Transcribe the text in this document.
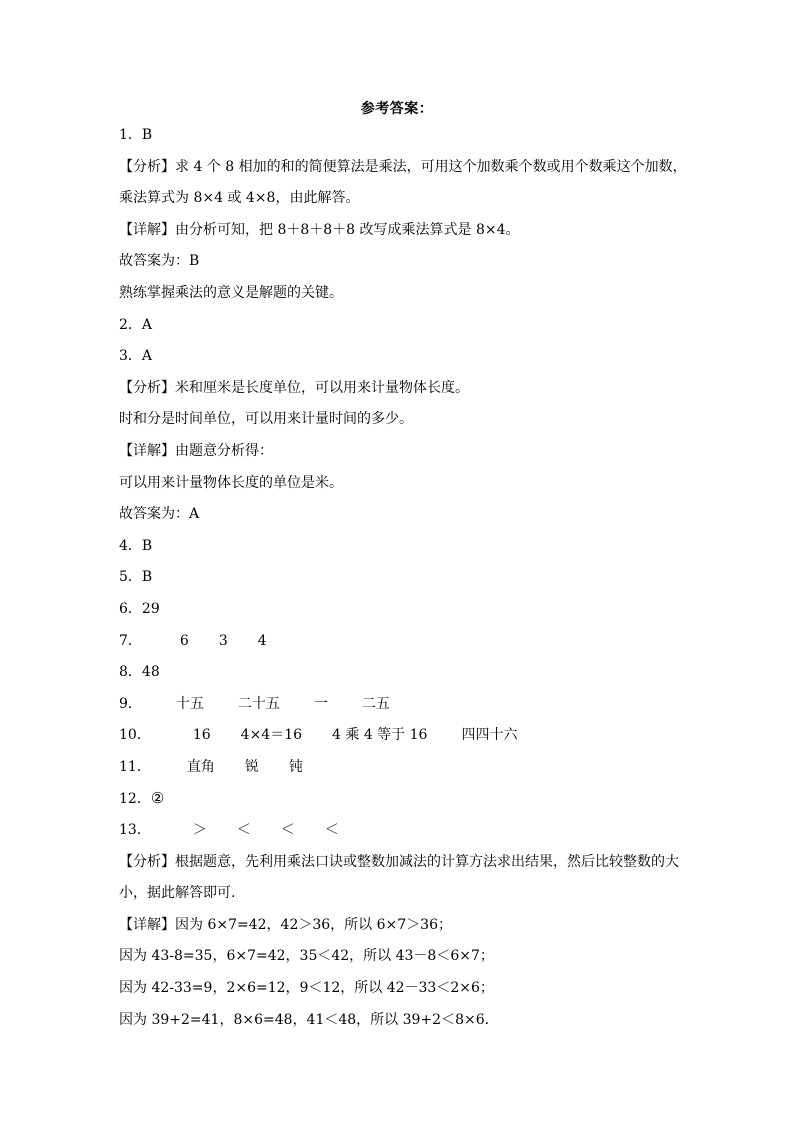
参考答案：
1．B
【分析】求 4 个 8 相加的和的简便算法是乘法，可用这个加数乘个数或用个数乘这个加数，
乘法算式为 8×4 或 4×8，由此解答。
【详解】由分析可知，把 8＋8＋8＋8 改写成乘法算式是 8×4。
故答案为：B
熟练掌握乘法的意义是解题的关键。
2．A
3．A
【分析】米和厘米是长度单位，可以用来计量物体长度。
时和分是时间单位，可以用来计量时间的多少。
【详解】由题意分析得：
可以用来计量物体长度的单位是米。
故答案为：A
4．B
5．B
6．29
7．	6 3 4
8．48
9． 十五 二十五 一 二五
10．	16 4×4＝16 4 乘 4 等于 16 四四十六
11．	直角 锐 钝
12．②
13．	＞ ＜ ＜ ＜
【分析】根据题意，先利用乘法口诀或整数加减法的计算方法求出结果，然后比较整数的大
小，据此解答即可.
【详解】因为 6×7=42，42＞36，所以 6×7＞36；
因为 43-8=35，6×7=42，35＜42，所以 43－8＜6×7；
因为 42-33=9，2×6=12，9＜12，所以 42－33＜2×6；
因为 39+2=41，8×6=48，41＜48，所以 39+2＜8×6.
